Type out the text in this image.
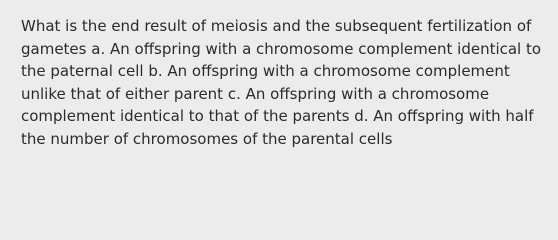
What is the end result of meiosis and the subsequent fertilization of gametes a. An offspring with a chromosome complement identical to the paternal cell b. An offspring with a chromosome complement unlike that of either parent c. An offspring with a chromosome complement identical to that of the parents d. An offspring with half the number of chromosomes of the parental cells
